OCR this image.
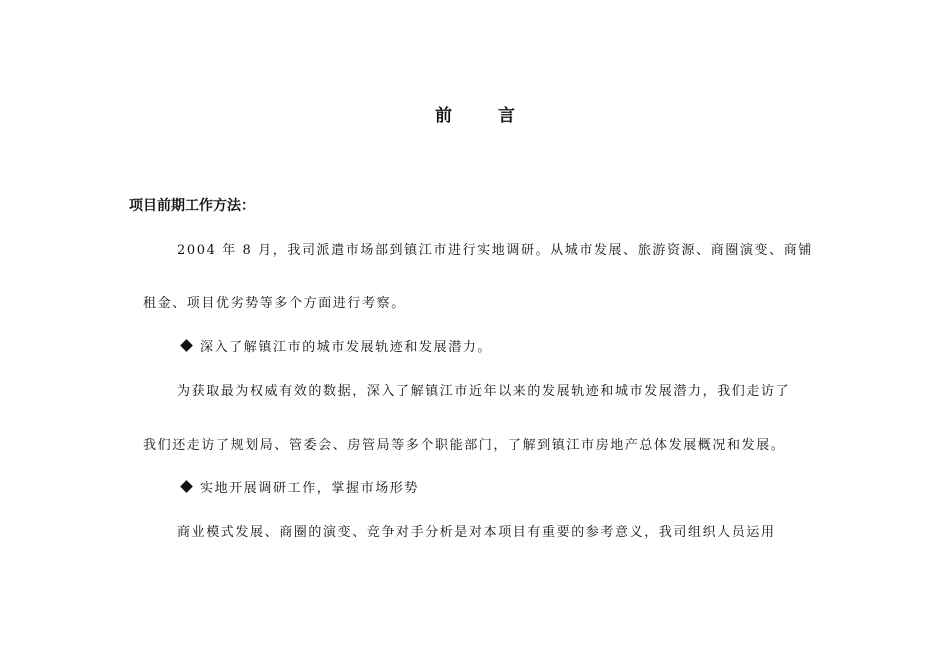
前 言
项目前期工作方法：
2004 年 8 月，我司派遣市场部到镇江市进行实地调研。从城市发展、旅游资源、商圈演变、商铺
租金、项目优劣势等多个方面进行考察。
深入了解镇江市的城市发展轨迹和发展潜力。
为获取最为权威有效的数据，深入了解镇江市近年以来的发展轨迹和城市发展潜力，我们走访了
我们还走访了规划局、管委会、房管局等多个职能部门，了解到镇江市房地产总体发展概况和发展。
实地开展调研工作，掌握市场形势
商业模式发展、商圈的演变、竞争对手分析是对本项目有重要的参考意义，我司组织人员运用
